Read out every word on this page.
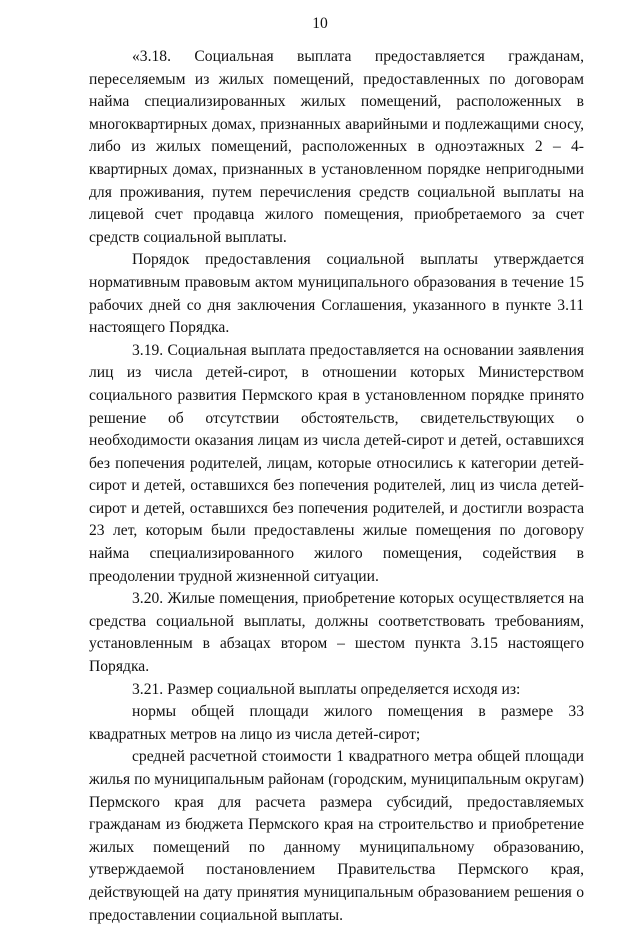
10

«3.18. Социальная выплата предоставляется гражданам, переселяемым из жилых помещений, предоставленных по договорам найма специализированных жилых помещений, расположенных в многоквартирных домах, признанных аварийными и подлежащими сносу, либо из жилых помещений, расположенных в одноэтажных 2 – 4-квартирных домах, признанных в установленном порядке непригодными для проживания, путем перечисления средств социальной выплаты на лицевой счет продавца жилого помещения, приобретаемого за счет средств социальной выплаты.

Порядок предоставления социальной выплаты утверждается нормативным правовым актом муниципального образования в течение 15 рабочих дней со дня заключения Соглашения, указанного в пункте 3.11 настоящего Порядка.

3.19. Социальная выплата предоставляется на основании заявления лиц из числа детей-сирот, в отношении которых Министерством социального развития Пермского края в установленном порядке принято решение об отсутствии обстоятельств, свидетельствующих о необходимости оказания лицам из числа детей-сирот и детей, оставшихся без попечения родителей, лицам, которые относились к категории детей-сирот и детей, оставшихся без попечения родителей, лиц из числа детей-сирот и детей, оставшихся без попечения родителей, и достигли возраста 23 лет, которым были предоставлены жилые помещения по договору найма специализированного жилого помещения, содействия в преодолении трудной жизненной ситуации.

3.20. Жилые помещения, приобретение которых осуществляется на средства социальной выплаты, должны соответствовать требованиям, установленным в абзацах втором – шестом пункта 3.15 настоящего Порядка.

3.21. Размер социальной выплаты определяется исходя из:

нормы общей площади жилого помещения в размере 33 квадратных метров на лицо из числа детей-сирот;

средней расчетной стоимости 1 квадратного метра общей площади жилья по муниципальным районам (городским, муниципальным округам) Пермского края для расчета размера субсидий, предоставляемых гражданам из бюджета Пермского края на строительство и приобретение жилых помещений по данному муниципальному образованию, утверждаемой постановлением Правительства Пермского края, действующей на дату принятия муниципальным образованием решения о предоставлении социальной выплаты.
